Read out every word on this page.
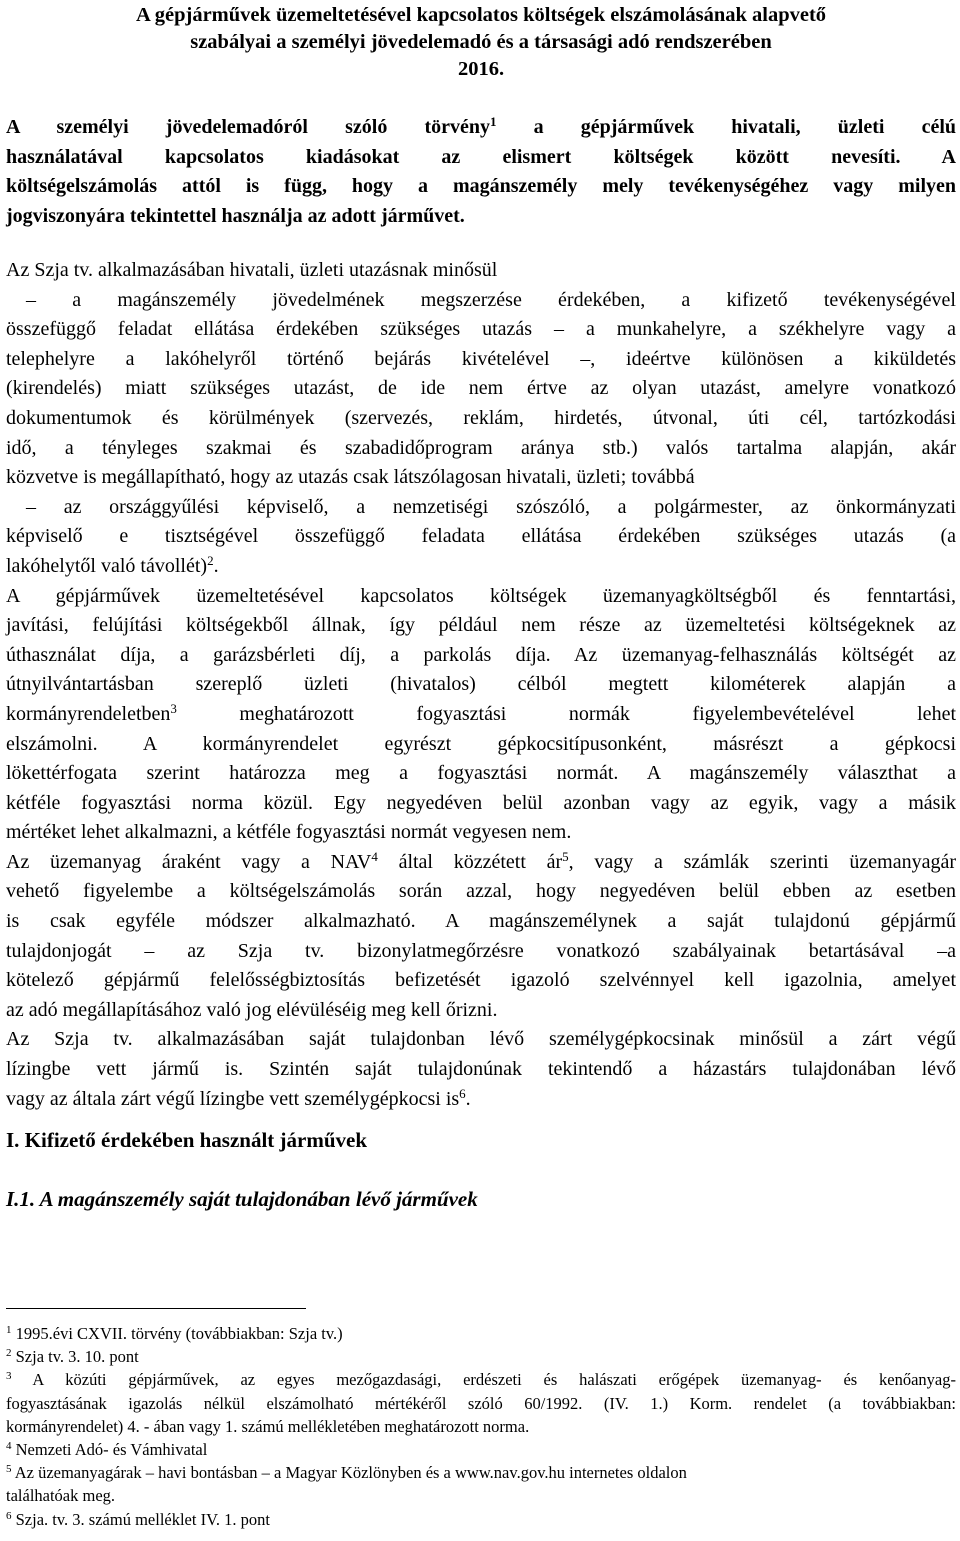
A gépjárművek üzemeltetésével kapcsolatos költségek elszámolásának alapvető
szabályai a személyi jövedelemadó és a társasági adó rendszerében
2016.
A személyi jövedelemadóról szóló törvény$^1$ a gépjárművek hivatali, üzleti célú
használatával kapcsolatos kiadásokat az elismert költségek között nevesíti. A
költségelszámolás attól is függ, hogy a magánszemély mely tevékenységéhez vagy milyen
jogviszonyára tekintettel használja az adott járművet.

Az Szja tv. alkalmazásában hivatali, üzleti utazásnak minősül
– a magánszemély jövedelmének megszerzése érdekében, a kifizető tevékenységével
összefüggő feladat ellátása érdekében szükséges utazás – a munkahelyre, a székhelyre vagy a
telephelyre a lakóhelyről történő bejárás kivételével –, ideértve különösen a kiküldetés
(kirendelés) miatt szükséges utazást, de ide nem értve az olyan utazást, amelyre vonatkozó
dokumentumok és körülmények (szervezés, reklám, hirdetés, útvonal, úti cél, tartózkodási
idő, a tényleges szakmai és szabadidőprogram aránya stb.) valós tartalma alapján, akár
közvetve is megállapítható, hogy az utazás csak látszólagosan hivatali, üzleti; továbbá
– az országgyűlési képviselő, a nemzetiségi szószóló, a polgármester, az önkormányzati
képviselő e tisztségével összefüggő feladata ellátása érdekében szükséges utazás (a
lakóhelytől való távollét)$^2$.

A gépjárművek üzemeltetésével kapcsolatos költségek üzemanyagköltségből és fenntartási,
javítási, felújítási költségekből állnak, így például nem része az üzemeltetési költségeknek az
úthasználat díja, a garázsbérleti díj, a parkolás díja. Az üzemanyag-felhasználás költségét az
útnyilvántartásban szereplő üzleti (hivatalos) célból megtett kilométerek alapján a
kormányrendeletben$^3$ meghatározott fogyasztási normák figyelembevételével lehet
elszámolni. A kormányrendelet egyrészt gépkocsitípusonként, másrészt a gépkocsi
lökettérfogata szerint határozza meg a fogyasztási normát. A magánszemély választhat a
kétféle fogyasztási norma közül. Egy negyedéven belül azonban vagy az egyik, vagy a másik
mértéket lehet alkalmazni, a kétféle fogyasztási normát vegyesen nem.

Az üzemanyag áraként vagy a NAV$^4$ által közzétett $ár^5$, vagy a számlák szerinti üzemanyagár
vehető figyelembe a költségelszámolás során azzal, hogy negyedéven belül ebben az esetben
is csak egyféle módszer alkalmazható. A magánszemélynek a saját tulajdonú gépjármű
tulajdonjogát – az Szja tv. bizonylatmegőrzésre vonatkozó szabályainak betartásával –a
kötelező gépjármű felelősségbiztosítás befizetését igazoló szelvénnyel kell igazolnia, amelyet
az adó megállapításához való jog elévüléséig meg kell őrizni.

Az Szja tv. alkalmazásában saját tulajdonban lévő személygépkocsinak minősül a zárt végű
lízingbe vett jármű is. Szintén saját tulajdonúnak tekintendő a házastárs tulajdonában lévő
vagy az általa zárt végű lízingbe vett személygépkocsi $is^6$.

I. Kifizető érdekében használt járművek
I.1. A magánszemély saját tulajdonában lévő járművek

$^1$ 1995.évi CXVII. törvény (továbbiakban: Szja tv.)

$^2$ Szja tv. 3. 10. pont

$^3$ A közúti gépjárművek, az egyes mezőgazdasági, erdészeti és halászati erőgépek üzemanyag- és kenőanyag-
fogyasztásának igazolás nélkül elszámolható mértékéről szóló 60/1992. (IV. 1.) Korm. rendelet (a továbbiakban:
kormányrendelet) 4. - ában vagy 1. számú mellékletében meghatározott norma.

$^4$ Nemzeti Adó- és Vámhivatal

$^5$ Az üzemanyagárak – havi bontásban – a Magyar Közlönyben és a www.nav.gov.hu internetes oldalon
találhatóak meg.

$^6$ Szja. tv. 3. számú melléklet IV. 1. pont
